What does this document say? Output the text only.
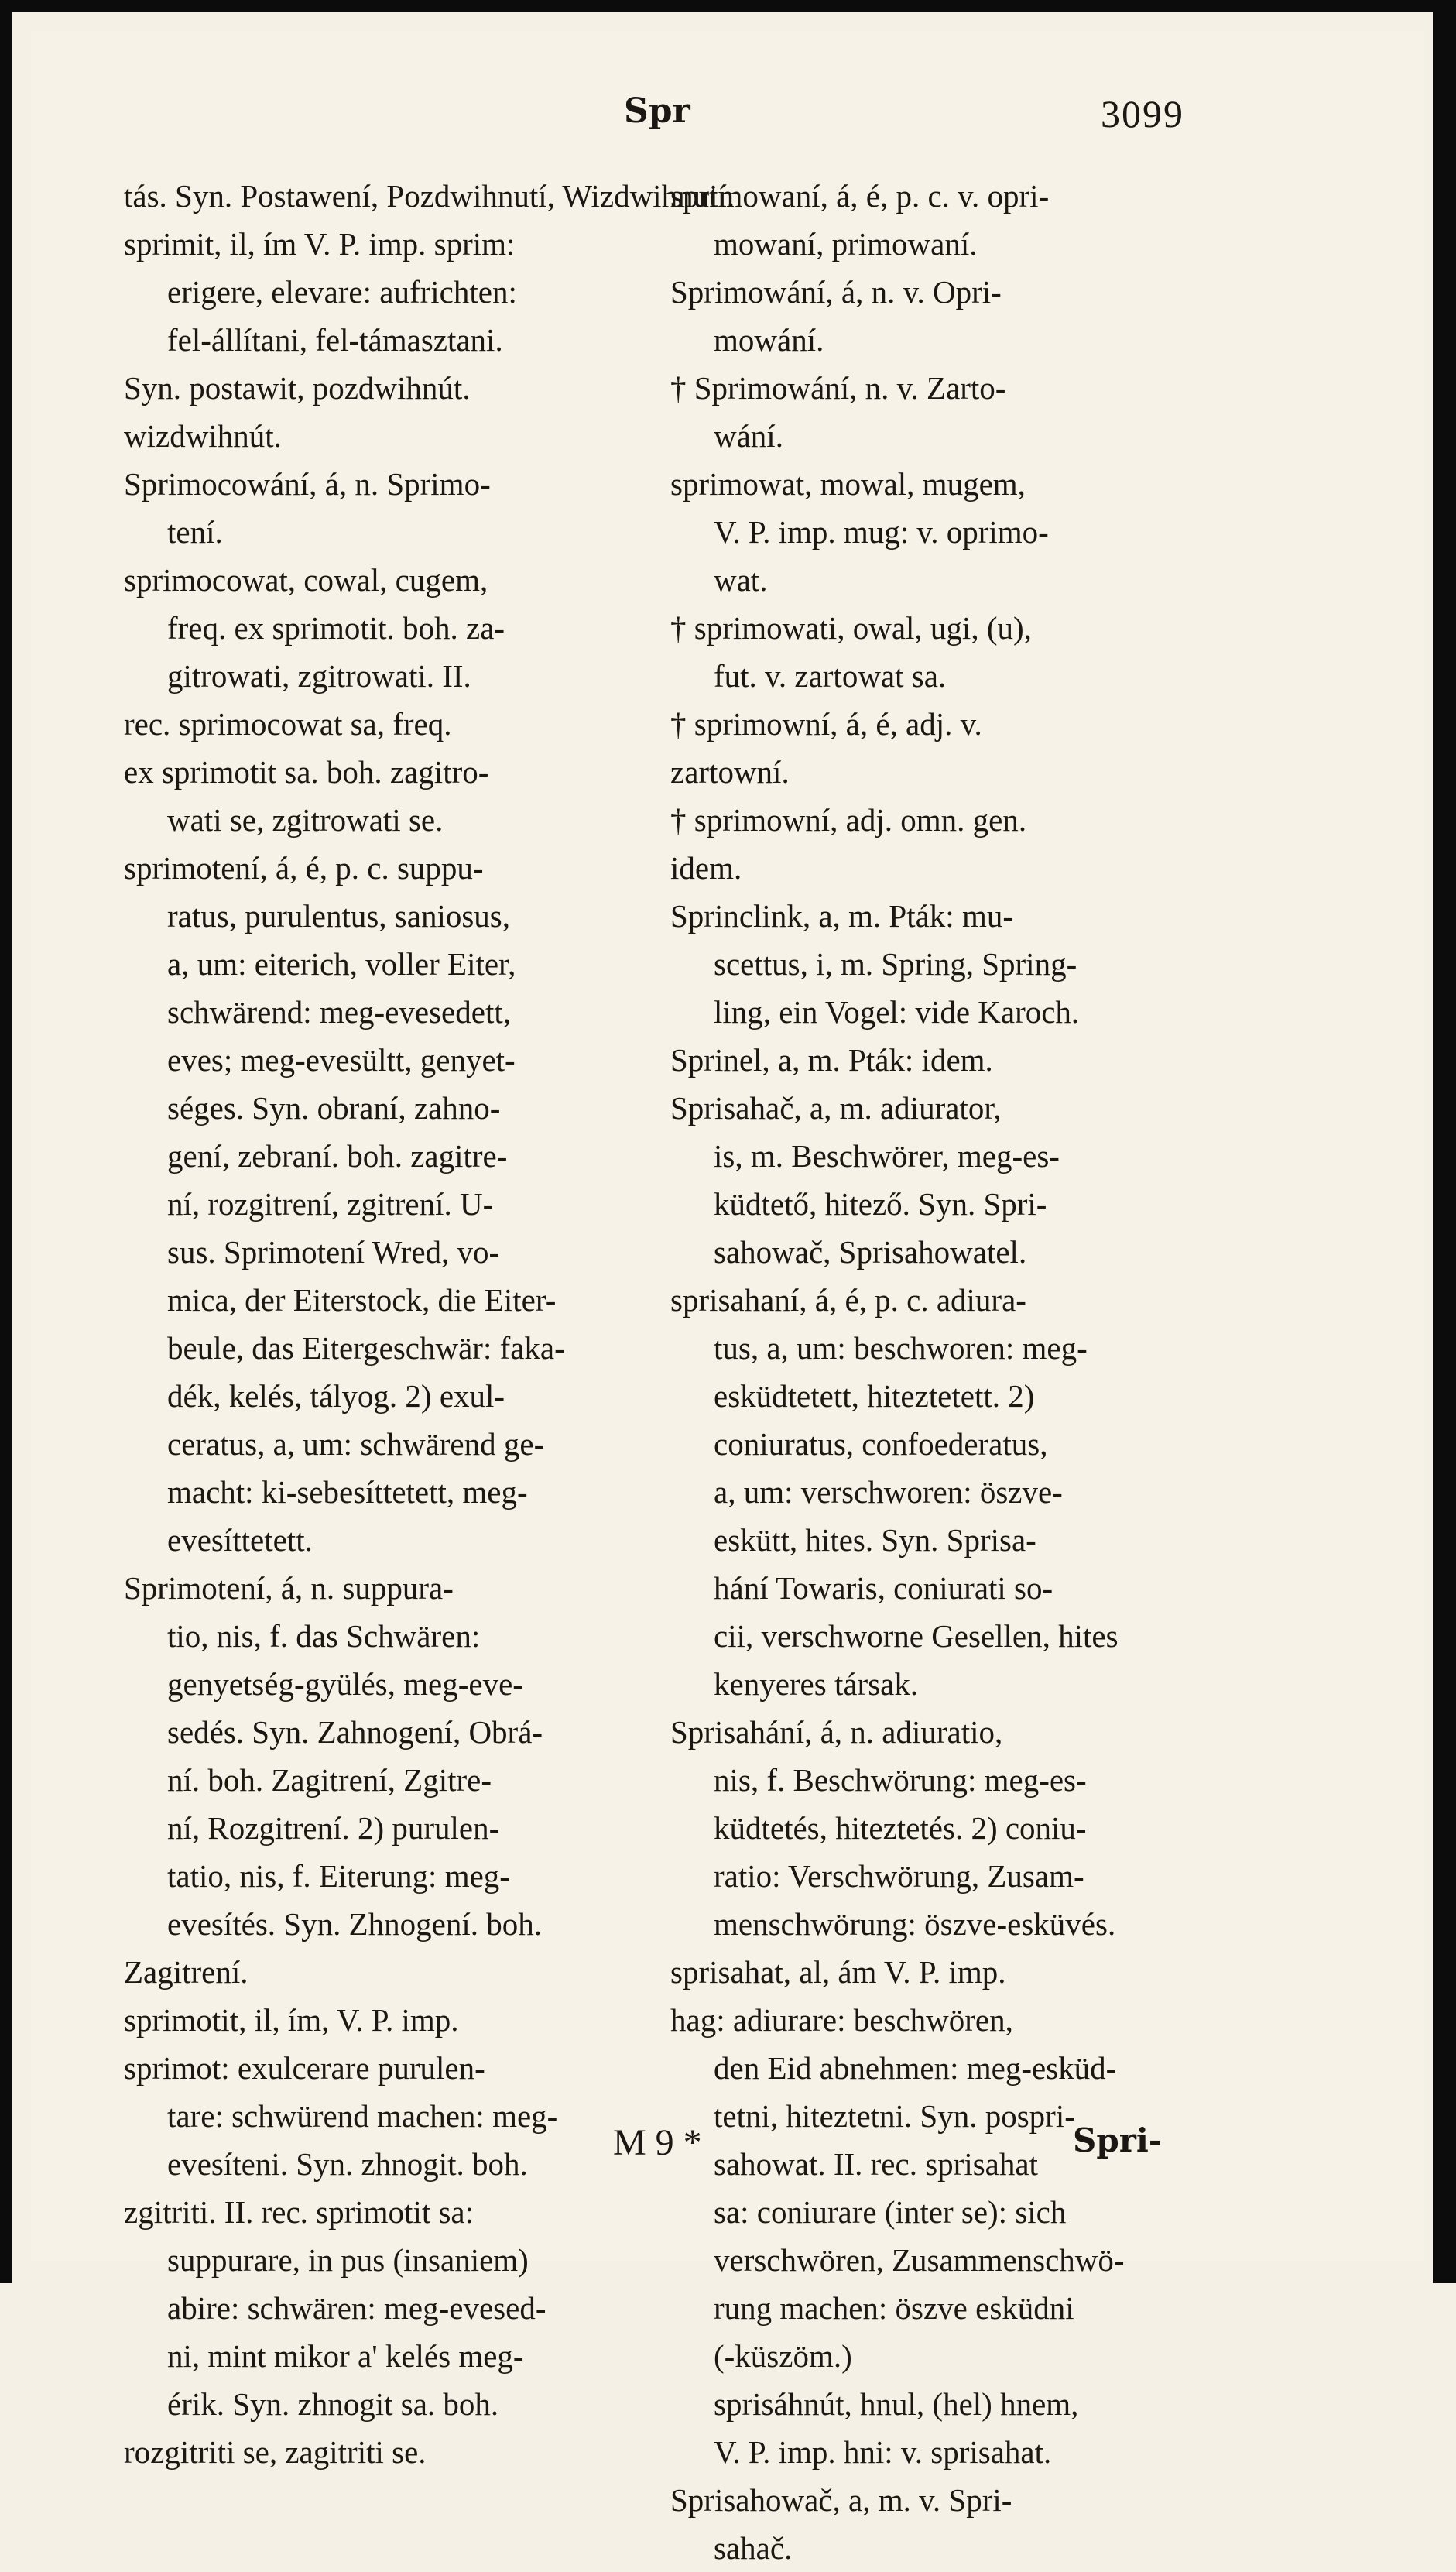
Spr	3099
tás. Syn. Postawení, Pozdwihnutí, Wizdwihnutí.
sprimit, il, ím V. P. imp. sprim:
erigere, elevare: aufrichten:
fel-állítani, fel-támasztani.
Syn. postawit, pozdwihnút.
wizdwihnút.
Sprimocowání, á, n. Sprimo-
tení.
sprimocowat, cowal, cugem,
freq. ex sprimotit. boh. za-
gitrowati, zgitrowati. II.
rec. sprimocowat sa, freq.
ex sprimotit sa. boh. zagitro-
wati se, zgitrowati se.
sprimotení, á, é, p. c. suppu-
ratus, purulentus, saniosus,
a, um: eiterich, voller Eiter,
schwärend: meg-evesedett,
eves; meg-evesültt, genyet-
séges. Syn. obraní, zahno-
gení, zebraní. boh. zagitre-
ní, rozgitrení, zgitrení. U-
sus. Sprimotení Wred, vo-
mica, der Eiterstock, die Eiter-
beule, das Eitergeschwär: faka-
dék, kelés, tályog. 2) exul-
ceratus, a, um: schwärend ge-
macht: ki-sebesíttetett, meg-
evesíttetett.
Sprimotení, á, n. suppura-
tio, nis, f. das Schwären:
genyetség-gyülés, meg-eve-
sedés. Syn. Zahnogení, Obrá-
ní. boh. Zagitrení, Zgitre-
ní, Rozgitrení. 2) purulen-
tatio, nis, f. Eiterung: meg-
evesítés. Syn. Zhnogení. boh.
Zagitrení.
sprimotit, il, ím, V. P. imp.
sprimot: exulcerare purulen-
tare: schwürend machen: meg-
evesíteni. Syn. zhnogit. boh.
zgitriti. II. rec. sprimotit sa:
suppurare, in pus (insaniem)
abire: schwären: meg-evesed-
ni, mint mikor a' kelés meg-
érik. Syn. zhnogit sa. boh.
rozgitriti se, zagitriti se.
sprimowaní, á, é, p. c. v. opri-
mowaní, primowaní.
Sprimowání, á, n. v. Opri-
mowání.
† Sprimowání, n. v. Zarto-
wání.
sprimowat, mowal, mugem,
V. P. imp. mug: v. oprimo-
wat.
† sprimowati, owal, ugi, (u),
fut. v. zartowat sa.
† sprimowní, á, é, adj. v.
zartowní.
† sprimowní, adj. omn. gen.
idem.
Sprinclink, a, m. Pták: mu-
scettus, i, m. Spring, Spring-
ling, ein Vogel: vide Karoch.
Sprinel, a, m. Pták: idem.
Sprisahač, a, m. adiurator,
is, m. Beschwörer, meg-es-
küdtető, hitező. Syn. Spri-
sahowač, Sprisahowatel.
sprisahaní, á, é, p. c. adiura-
tus, a, um: beschworen: meg-
esküdtetett, hiteztetett. 2)
coniuratus, confoederatus,
a, um: verschworen: öszve-
eskütt, hites. Syn. Sprisa-
hání Towaris, coniurati so-
cii, verschworne Gesellen, hites
kenyeres társak.
Sprisahání, á, n. adiuratio,
nis, f. Beschwörung: meg-es-
küdtetés, hiteztetés. 2) coniu-
ratio: Verschwörung, Zusam-
menschwörung: öszve-esküvés.
sprisahat, al, ám V. P. imp.
hag: adiurare: beschwören,
den Eid abnehmen: meg-esküd-
tetni, hiteztetni. Syn. pospri-
sahowat. II. rec. sprisahat
sa: coniurare (inter se): sich
verschwören, Zusammenschwö-
rung machen: öszve esküdni
(-küszöm.)
sprisáhnút, hnul, (hel) hnem,
V. P. imp. hni: v. sprisahat.
Sprisahowač, a, m. v. Spri-
sahač.
M 9 *	Spri-
